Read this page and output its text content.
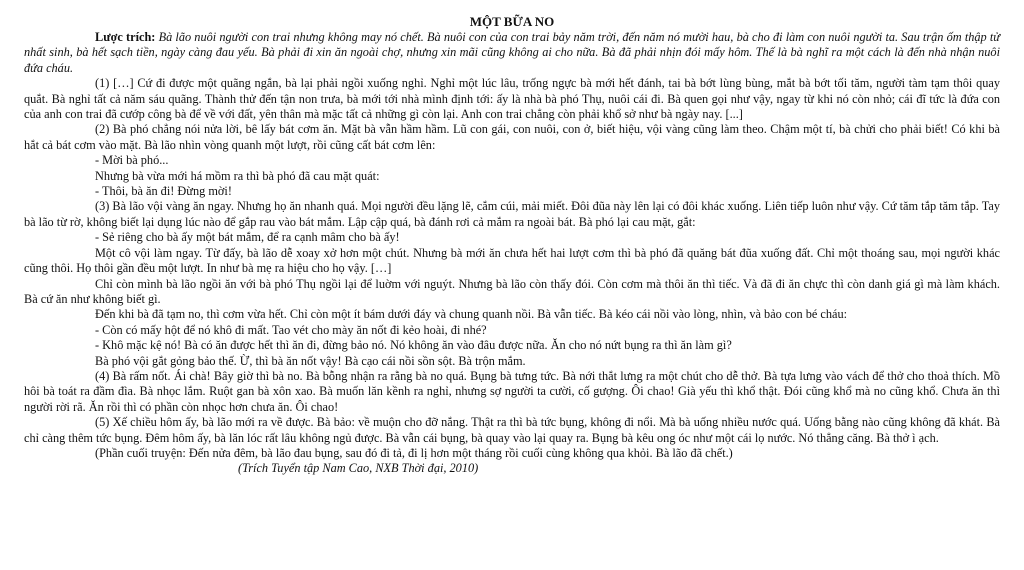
MỘT BỮA NO

Lược trích: Bà lão nuôi người con trai nhưng không may nó chết. Bà nuôi con của con trai bảy năm trời, đến năm nó mười hau, bà cho đi làm con nuôi người ta. Sau trận ốm thập tử nhất sinh, bà hết sạch tiền, ngày càng đau yếu. Bà phải đi xin ăn ngoài chợ, nhưng xin mãi cũng không ai cho nữa. Bà đã phải nhịn đói mấy hôm. Thế là bà nghĩ ra một cách là đến nhà nhận nuôi đứa cháu.

(1) […] Cứ đi được một quãng ngắn, bà lại phải ngồi xuống nghỉ. Nghỉ một lúc lâu, trống ngực bà mới hết đánh, tai bà bớt lùng bùng, mắt bà bớt tối tăm, người tàm tạm thôi quay quắt. Bà nghỉ tất cả năm sáu quãng. Thành thử đến tận non trưa, bà mới tới nhà mình định tới: ấy là nhà bà phó Thụ, nuôi cái đi. Bà quen gọi như vậy, ngay từ khi nó còn nhỏ; cái đĩ tức là đứa con của anh con trai đã cướp công bà để về với đất, yên thân mà mặc tất cả những gì còn lại. Anh con trai chẳng còn phải khổ sở như bà ngày nay. [...]

(2) Bà phó chẳng nói nửa lời, bê lấy bát cơm ăn. Mặt bà vẫn hầm hầm. Lũ con gái, con nuôi, con ở, biết hiệu, vội vàng cũng làm theo. Chậm một tí, bà chửi cho phải biết! Có khi bà hắt cả bát cơm vào mặt. Bà lão nhìn vòng quanh một lượt, rồi cũng cất bát cơm lên:

- Mời bà phó...

Nhưng bà vừa mới há mồm ra thì bà phó đã cau mặt quát:

- Thôi, bà ăn đi! Đừng mời!

(3) Bà lão vội vàng ăn ngay. Nhưng họ ăn nhanh quá. Mọi người đều lặng lẽ, cắm cúi, mải miết. Đôi đũa này lên lại có đôi khác xuống. Liên tiếp luôn như vậy. Cứ tăm tắp tăm tắp. Tay bà lão từ rờ, không biết lại dụng lúc nào để gắp rau vào bát mắm. Lập cập quá, bà đánh rơi cả mắm ra ngoài bát. Bà phó lại cau mặt, gắt:

- Sẻ riêng cho bà ấy một bát mắm, để ra cạnh mâm cho bà ấy!

Một cô vội làm ngay. Từ đấy, bà lão dễ xoay xở hơn một chút. Nhưng bà mới ăn chưa hết hai lượt cơm thì bà phó đã quăng bát đũa xuống đất. Chỉ một thoáng sau, mọi người khác cũng thôi. Họ thôi gần đều một lượt. In như bà mẹ ra hiệu cho họ vậy. […]

Chỉ còn mình bà lão ngồi ăn với bà phó Thụ ngồi lại để luờm với nguýt. Nhưng bà lão còn thấy đói. Còn cơm mà thôi ăn thì tiếc. Và đã đi ăn chực thì còn danh giá gì mà làm khách. Bà cứ ăn như không biết gì.

Đến khi bà đã tạm no, thì cơm vừa hết. Chỉ còn một ít bám dưới đáy và chung quanh nồi. Bà vẫn tiếc. Bà kéo cái nồi vào lòng, nhìn, và bảo con bé cháu:

- Còn có mấy hột để nó khô đi mất. Tao vét cho mày ăn nốt đi kẻo hoài, đi nhé?

- Khô mặc kệ nó! Bà có ăn được hết thì ăn đi, đừng bảo nó. Nó không ăn vào đâu được nữa. Ăn cho nó nứt bụng ra thì ăn làm gì?

Bà phó vội gắt gỏng bảo thế. Ừ, thì bà ăn nốt vậy! Bà cạo cái nồi sồn sột. Bà trộn mắm.

(4) Bà rấm nốt. Ái chà! Bây giờ thì bà no. Bà bỗng nhận ra rằng bà no quá. Bụng bà tưng tức. Bà nới thắt lưng ra một chút cho dễ thở. Bà tựa lưng vào vách để thở cho thoả thích. Mồ hôi bà toát ra đầm đìa. Bà nhọc lắm. Ruột gan bà xôn xao. Bà muốn lăn kềnh ra nghỉ, nhưng sợ người ta cười, cố gượng. Ôi chao! Già yếu thì khổ thật. Đói cũng khổ mà no cũng khổ. Chưa ăn thì người rời rã. Ăn rồi thì có phần còn nhọc hơn chưa ăn. Ôi chao!

(5) Xế chiều hôm ấy, bà lão mới ra về được. Bà bảo: về muộn cho đỡ nắng. Thật ra thì bà tức bụng, không đi nổi. Mà bà uống nhiều nước quá. Uống bằng nào cũng không đã khát. Bà chỉ càng thêm tức bụng. Đêm hôm ấy, bà lăn lóc rất lâu không ngủ được. Bà vẫn cái bụng, bà quay vào lại quay ra. Bụng bà kêu ong óc như một cái lọ nước. Nó thẳng căng. Bà thở ì ạch.

(Phần cuối truyện: Đến nửa đêm, bà lão đau bụng, sau đó đi tả, đi lị hơn một tháng rồi cuối cùng không qua khỏi. Bà lão đã chết.)

(Trích Tuyển tập Nam Cao, NXB Thời đại, 2010)
